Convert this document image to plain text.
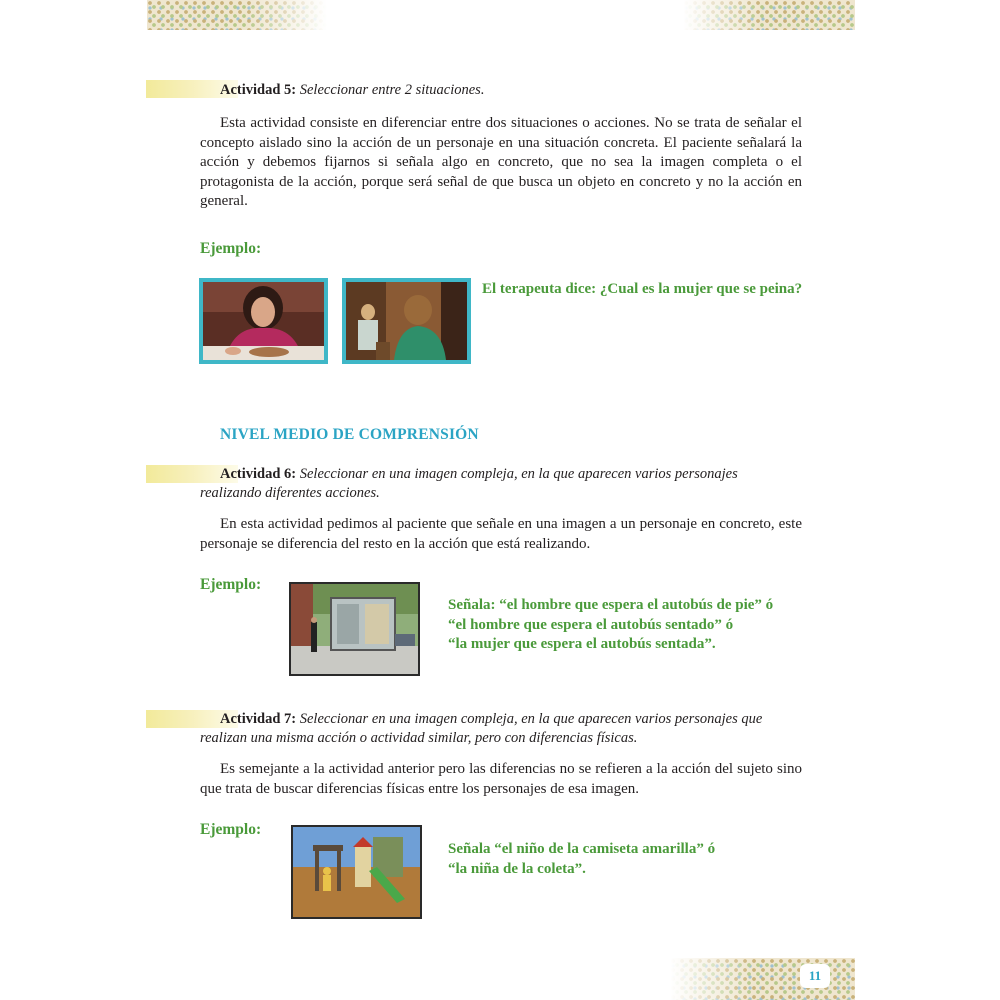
11
Actividad 5: Seleccionar entre 2 situaciones.
Esta actividad consiste en diferenciar entre dos situaciones o acciones. No se trata de señalar el concepto aislado sino la acción de un personaje en una situación concreta. El paciente señalará la acción y debemos fijarnos si señala algo en concreto, que no sea la imagen completa o el protagonista de la acción, porque será señal de que busca un objeto en concreto y no la acción en general.
Ejemplo:
El terapeuta dice: ¿Cual es la mujer que se peina?
NIVEL MEDIO DE COMPRENSIÓN
Actividad 6: Seleccionar en una imagen compleja, en la que aparecen varios personajes realizando diferentes acciones.
En esta actividad pedimos al paciente que señale en una imagen a un personaje en concreto, este personaje se diferencia del resto en la acción que está realizando.
Ejemplo:
Señala: “el hombre que espera el autobús de pie” ó
“el hombre que espera el autobús sentado” ó
“la mujer que espera el autobús sentada”.
Actividad 7: Seleccionar en una imagen compleja, en la que aparecen varios personajes que realizan una misma acción o actividad similar, pero con diferencias físicas.
Es semejante a la actividad anterior pero las diferencias no se refieren a la acción del sujeto sino que trata de buscar diferencias físicas entre los personajes de esa imagen.
Ejemplo:
Señala “el niño de la camiseta amarilla” ó
“la niña de la coleta”.
